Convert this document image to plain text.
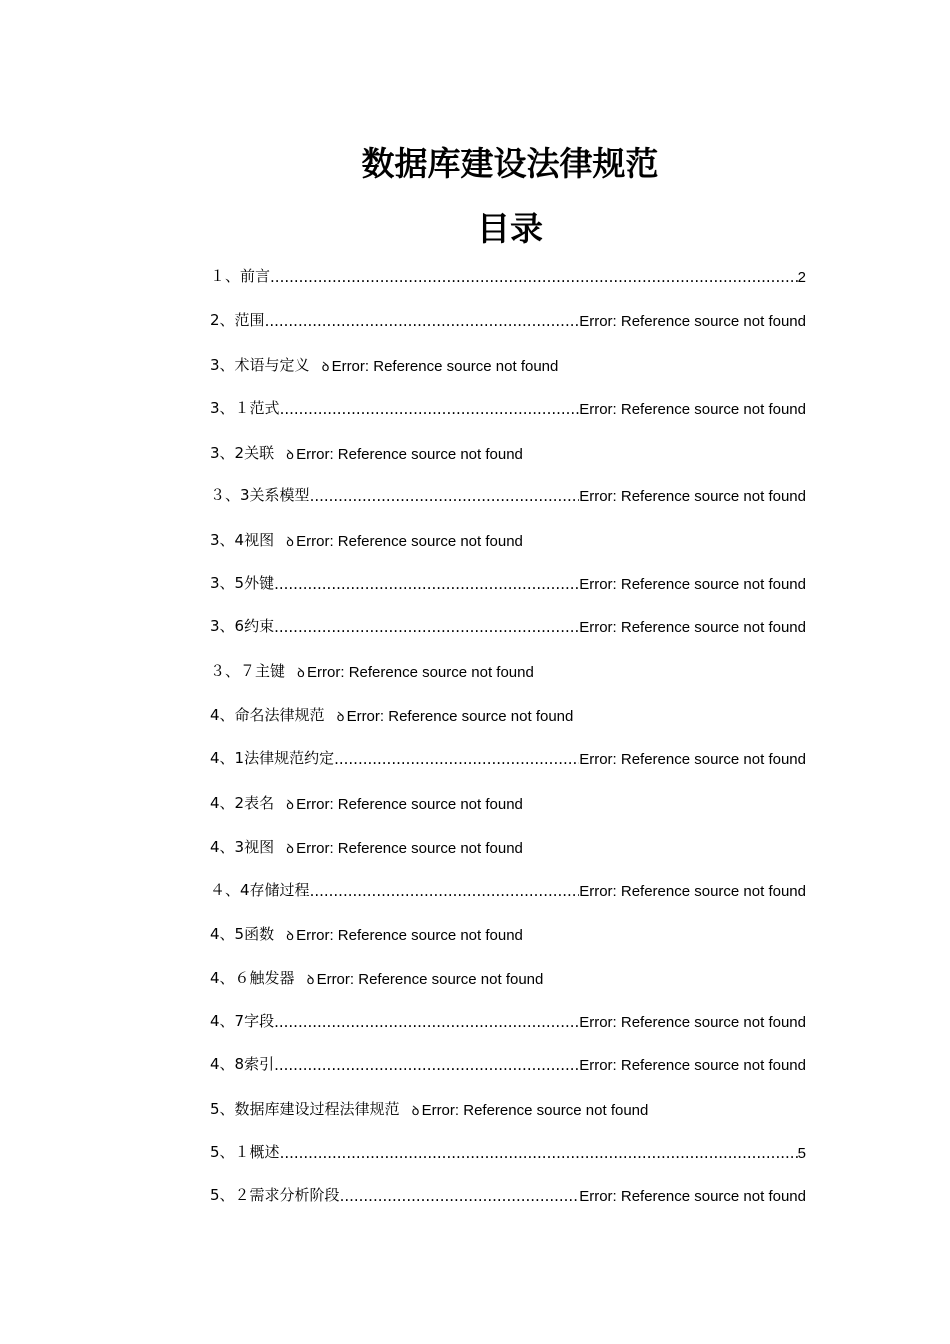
数据库建设法律规范
目录
１、 前言 .....	2
2、 范围 .....	Error: Reference source not found
3、 术语与定义 ꝺ Error: Reference source not found
3、 １范式 .....	Error: Reference source not found
3、2 关联 ꝺ Error: Reference source not found
３、3 关系模型 .....	Error: Reference source not found
3、4 视图 ꝺ Error: Reference source not found
3、5 外键 .....	Error: Reference source not found
3、6 约束 .....	Error: Reference source not found
３、 ７主键 ꝺ Error: Reference source not found
4、 命名法律规范 ꝺ Error: Reference source not found
4、1 法律规范约定 .....	Error: Reference source not found
4、2 表名 ꝺ Error: Reference source not found
4、3 视图 ꝺ Error: Reference source not found
４、4 存储过程 .....	Error: Reference source not found
4、5 函数 ꝺ Error: Reference source not found
4、 ６触发器 ꝺ Error: Reference source not found
4、7 字段 .....	Error: Reference source not found
4、8 索引 .....	Error: Reference source not found
5、 数据库建设过程法律规范 ꝺ Error: Reference source not found
5、 １概述 .....	5
5、 ２需求分析阶段 .....	Error: Reference source not found
